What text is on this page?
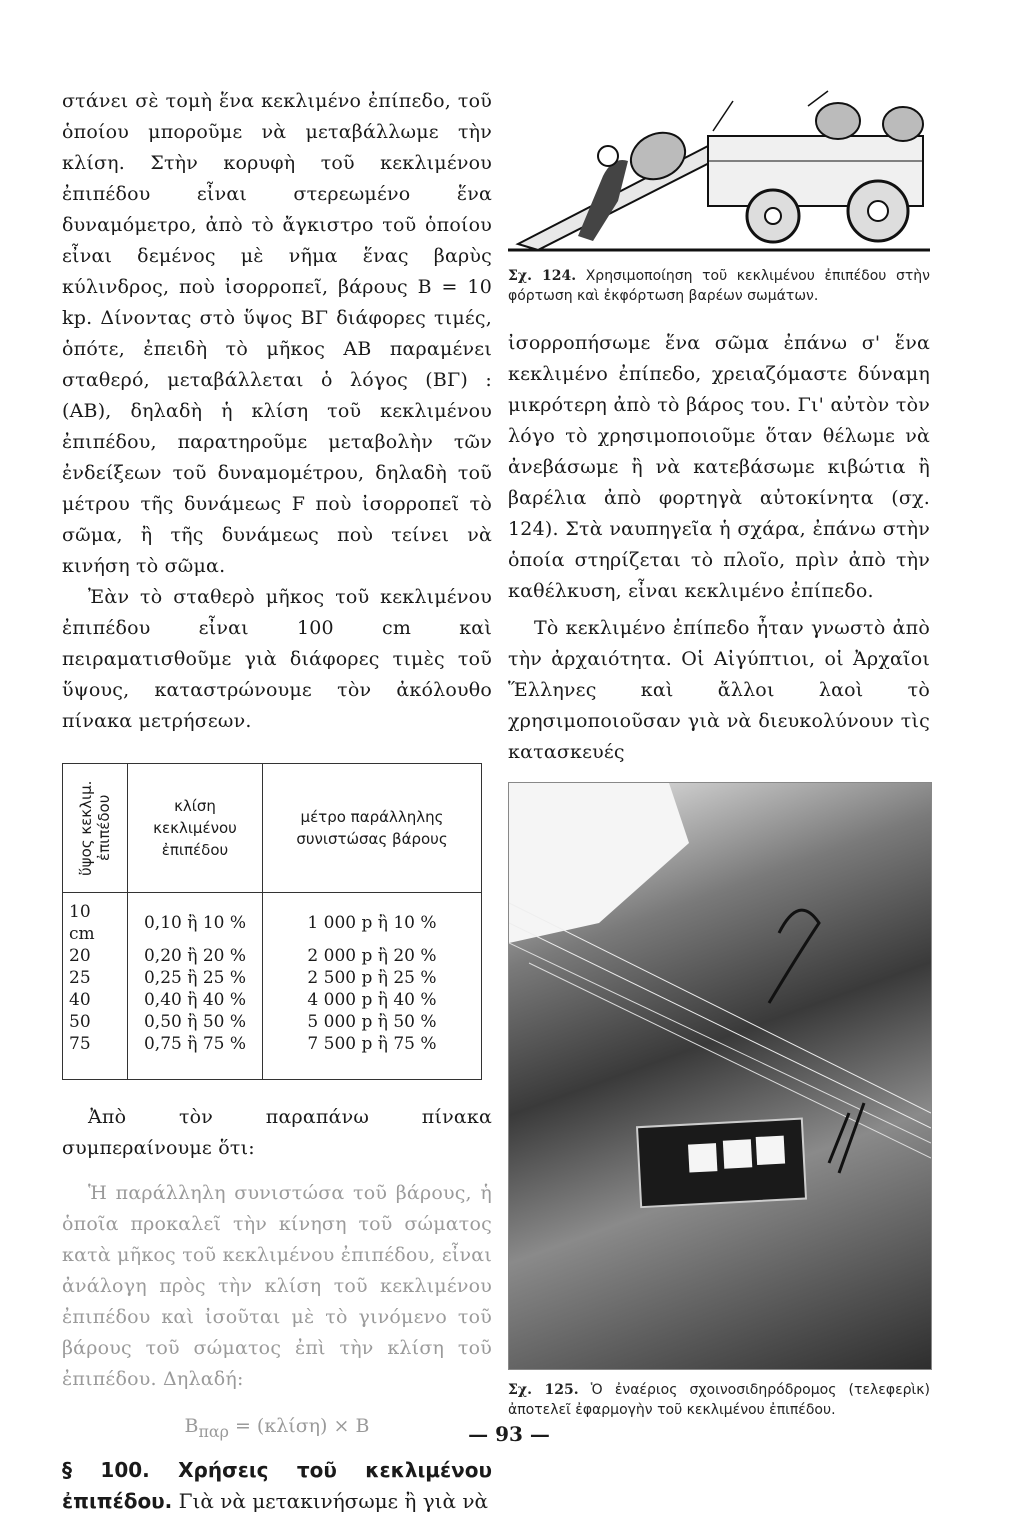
στάνει σὲ τομὴ ἕνα κεκλιμένο ἐπίπεδο, τοῦ ὁποίου μποροῦμε νὰ μεταβάλλωμε τὴν κλίση. Στὴν κορυφὴ τοῦ κεκλιμένου ἐπιπέδου εἶναι στερεωμένο ἕνα δυναμόμετρο, ἀπὸ τὸ ἄγκιστρο τοῦ ὁποίου εἶναι δεμένος μὲ νῆμα ἕνας βαρὺς κύλινδρος, ποὺ ἰσορροπεῖ, βάρους Β = 10 kp. Δίνοντας στὸ ὕψος ΒΓ διάφορες τιμές, ὁπότε, ἐπειδὴ τὸ μῆκος ΑΒ παραμένει σταθερό, μεταβάλλεται ὁ λόγος (ΒΓ) : (ΑΒ), δηλαδὴ ἡ κλίση τοῦ κεκλιμένου ἐπιπέδου, παρατηροῦμε μεταβολὴν τῶν ἐνδείξεων τοῦ δυναμομέτρου, δηλαδὴ τοῦ μέτρου τῆς δυνάμεως F ποὺ ἰσορροπεῖ τὸ σῶμα, ἢ τῆς δυνάμεως ποὺ τείνει νὰ κινήση τὸ σῶμα.

Ἐὰν τὸ σταθερὸ μῆκος τοῦ κεκλιμένου ἐπιπέδου εἶναι 100 cm καὶ πειραματισθοῦμε γιὰ διάφορες τιμὲς τοῦ ὕψους, καταστρώνουμε τὸν ἀκόλουθο πίνακα μετρήσεων.

ὕψος κεκλιμ. ἐπιπέδου	κλίση κεκλιμένου ἐπιπέδου	μέτρο παράλληλης συνιστώσας βάρους
10 cm	0,10 ἢ 10 %	1 000 p ἢ 10 %
20	0,20 ἢ 20 %	2 000 p ἢ 20 %
25	0,25 ἢ 25 %	2 500 p ἢ 25 %
40	0,40 ἢ 40 %	4 000 p ἢ 40 %
50	0,50 ἢ 50 %	5 000 p ἢ 50 %
75	0,75 ἢ 75 %	7 500 p ἢ 75 %

Ἀπὸ τὸν παραπάνω πίνακα συμπεραίνουμε ὅτι:

Ἡ παράλληλη συνιστώσα τοῦ βάρους, ἡ ὁποῖα προκαλεῖ τὴν κίνηση τοῦ σώματος κατὰ μῆκος τοῦ κεκλιμένου ἐπιπέδου, εἶναι ἀνάλογη πρὸς τὴν κλίση τοῦ κεκλιμένου ἐπιπέδου καὶ ἰσοῦται μὲ τὸ γινόμενο τοῦ βάρους τοῦ σώματος ἐπὶ τὴν κλίση τοῦ ἐπιπέδου. Δηλαδή:

$B_{\pi\alpha\rho} = (\kappa\lambda ί\sigma\eta) \times B$
§ 100. Χρήσεις τοῦ κεκλιμένου ἐπιπέδου. Γιὰ νὰ μετακινήσωμε ἢ γιὰ νὰ

Σχ. 124. Χρησιμοποίηση τοῦ κεκλιμένου ἐπιπέδου στὴν φόρτωση καὶ ἐκφόρτωση βαρέων σωμάτων.

ἰσορροπήσωμε ἕνα σῶμα ἐπάνω σ' ἕνα κεκλιμένο ἐπίπεδο, χρειαζόμαστε δύναμη μικρότερη ἀπὸ τὸ βάρος του. Γι' αὐτὸν τὸν λόγο τὸ χρησιμοποιοῦμε ὅταν θέλωμε νὰ ἀνεβάσωμε ἢ νὰ κατεβάσωμε κιβώτια ἢ βαρέλια ἀπὸ φορτηγὰ αὐτοκίνητα (σχ. 124). Στὰ ναυπηγεῖα ἡ σχάρα, ἐπάνω στὴν ὁποία στηρίζεται τὸ πλοῖο, πρὶν ἀπὸ τὴν καθέλκυση, εἶναι κεκλιμένο ἐπίπεδο.

Τὸ κεκλιμένο ἐπίπεδο ἦταν γνωστὸ ἀπὸ τὴν ἀρχαιότητα. Οἱ Αἰγύπτιοι, οἱ Ἀρχαῖοι Ἕλληνες καὶ ἄλλοι λαοὶ τὸ χρησιμοποιοῦσαν γιὰ νὰ διευκολύνουν τὶς κατασκευές

Σχ. 125. Ὁ ἐναέριος σχοινοσιδηρόδρομος (τελεφερὶκ) ἀποτελεῖ ἐφαρμογὴν τοῦ κεκλιμένου ἐπιπέδου.

— 93 —
